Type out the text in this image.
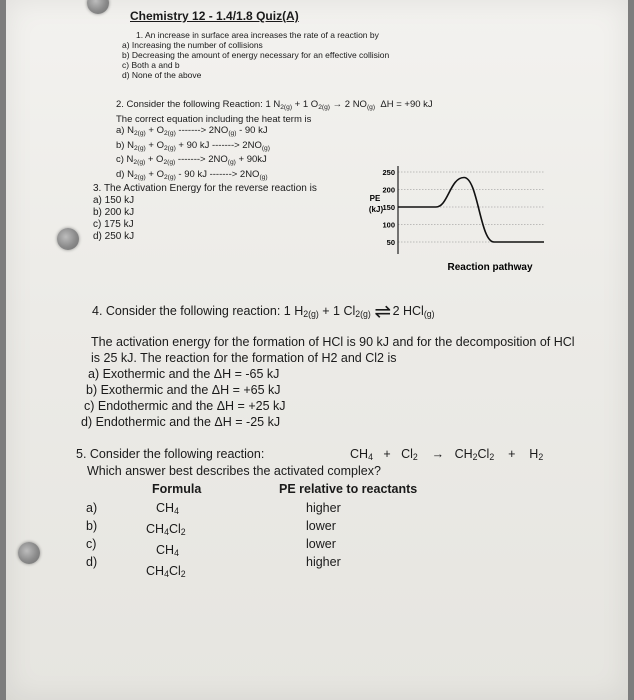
Chemistry 12 - 1.4/1.8 Quiz(A)
1. An increase in surface area increases the rate of a reaction by
a) Increasing the number of collisions
b) Decreasing the amount of energy necessary for an effective collision
c) Both a and b
d) None of the above
2. Consider the following Reaction: 1 $N_{2(g)} + 1$ $O_{2(g)} \to 2$ $NO_{(g)}$ ΔH = +90 kJ
The correct equation including the heat term is
a) $N_{2(g)} + O_{2(g)}$ -------> $2NO_{(g)} - 90$ kJ
b) $N_{2(g)} + O_{2(g)} + 90$ kJ -------> $2NO_{(g)}$
c) $N_{2(g)} + O_{2(g)}$ -------> $2NO_{(g)} + 90kJ$
d) $N_{2(g)} + O_{2(g)} - 90$ kJ -------> $2NO_{(g)}$
3. The Activation Energy for the reverse reaction is
a) 150 kJ
b) 200 kJ
c) 175 kJ
d) 250 kJ
PE
(kJ)
250
200
150
100
50
Reaction pathway
4. Consider the following reaction: 1 $H_{2(g)} + 1$ $Cl_{2(g)}$ ⇌ 2 HCl$_{(g)}$
The activation energy for the formation of HCl is 90 kJ and for the decomposition of HCl
is 25 kJ. The reaction for the formation of H2 and Cl2 is
a) Exothermic and the ΔH = -65 kJ
b) Exothermic and the ΔH = +65 kJ
c) Endothermic and the ΔH = +25 kJ
d) Endothermic and the ΔH = -25 kJ
5. Consider the following reaction:	$CH_4 + Cl_2$    →   $CH_2Cl_2$    +    $H_2$
Which answer best describes the activated complex?
Formula	PE relative to reactants
a)
b)
c)
d)
$CH_4$
$CH_4Cl_2$
$CH_4$
$CH_4Cl_2$
higher
lower
lower
higher
